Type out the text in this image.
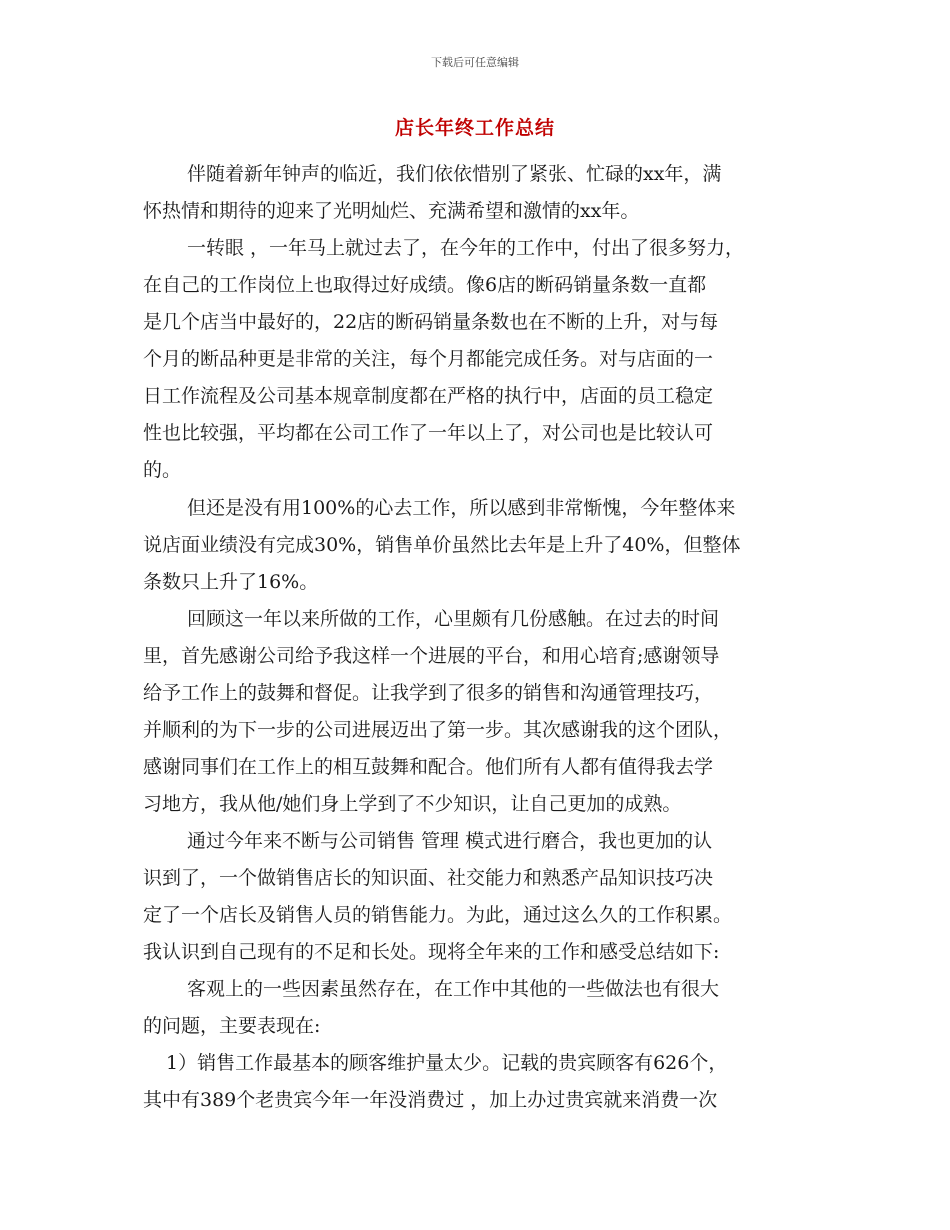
下载后可任意编辑
店长年终工作总结
伴随着新年钟声的临近，我们依依惜别了紧张、忙碌的xx年，满
怀热情和期待的迎来了光明灿烂、充满希望和激情的xx年。
一转眼 ，一年马上就过去了，在今年的工作中，付出了很多努力，
在自己的工作岗位上也取得过好成绩。像6店的断码销量条数一直都
是几个店当中最好的，22店的断码销量条数也在不断的上升，对与每
个月的断品种更是非常的关注，每个月都能完成任务。对与店面的一
日工作流程及公司基本规章制度都在严格的执行中，店面的员工稳定
性也比较强，平均都在公司工作了一年以上了，对公司也是比较认可
的。
但还是没有用100%的心去工作，所以感到非常惭愧，今年整体来
说店面业绩没有完成30%，销售单价虽然比去年是上升了40%，但整体
条数只上升了16%。
回顾这一年以来所做的工作，心里颇有几份感触。在过去的时间
里，首先感谢公司给予我这样一个进展的平台，和用心培育;感谢领导
给予工作上的鼓舞和督促。让我学到了很多的销售和沟通管理技巧，
并顺利的为下一步的公司进展迈出了第一步。其次感谢我的这个团队，
感谢同事们在工作上的相互鼓舞和配合。他们所有人都有值得我去学
习地方，我从他/她们身上学到了不少知识，让自己更加的成熟。
通过今年来不断与公司销售 管理 模式进行磨合，我也更加的认
识到了，一个做销售店长的知识面、社交能力和熟悉产品知识技巧决
定了一个店长及销售人员的销售能力。为此，通过这么久的工作积累。
我认识到自己现有的不足和长处。现将全年来的工作和感受总结如下:
客观上的一些因素虽然存在，在工作中其他的一些做法也有很大
的问题，主要表现在:
1）销售工作最基本的顾客维护量太少。记载的贵宾顾客有626个，
其中有389个老贵宾今年一年没消费过 ，加上办过贵宾就来消费一次
